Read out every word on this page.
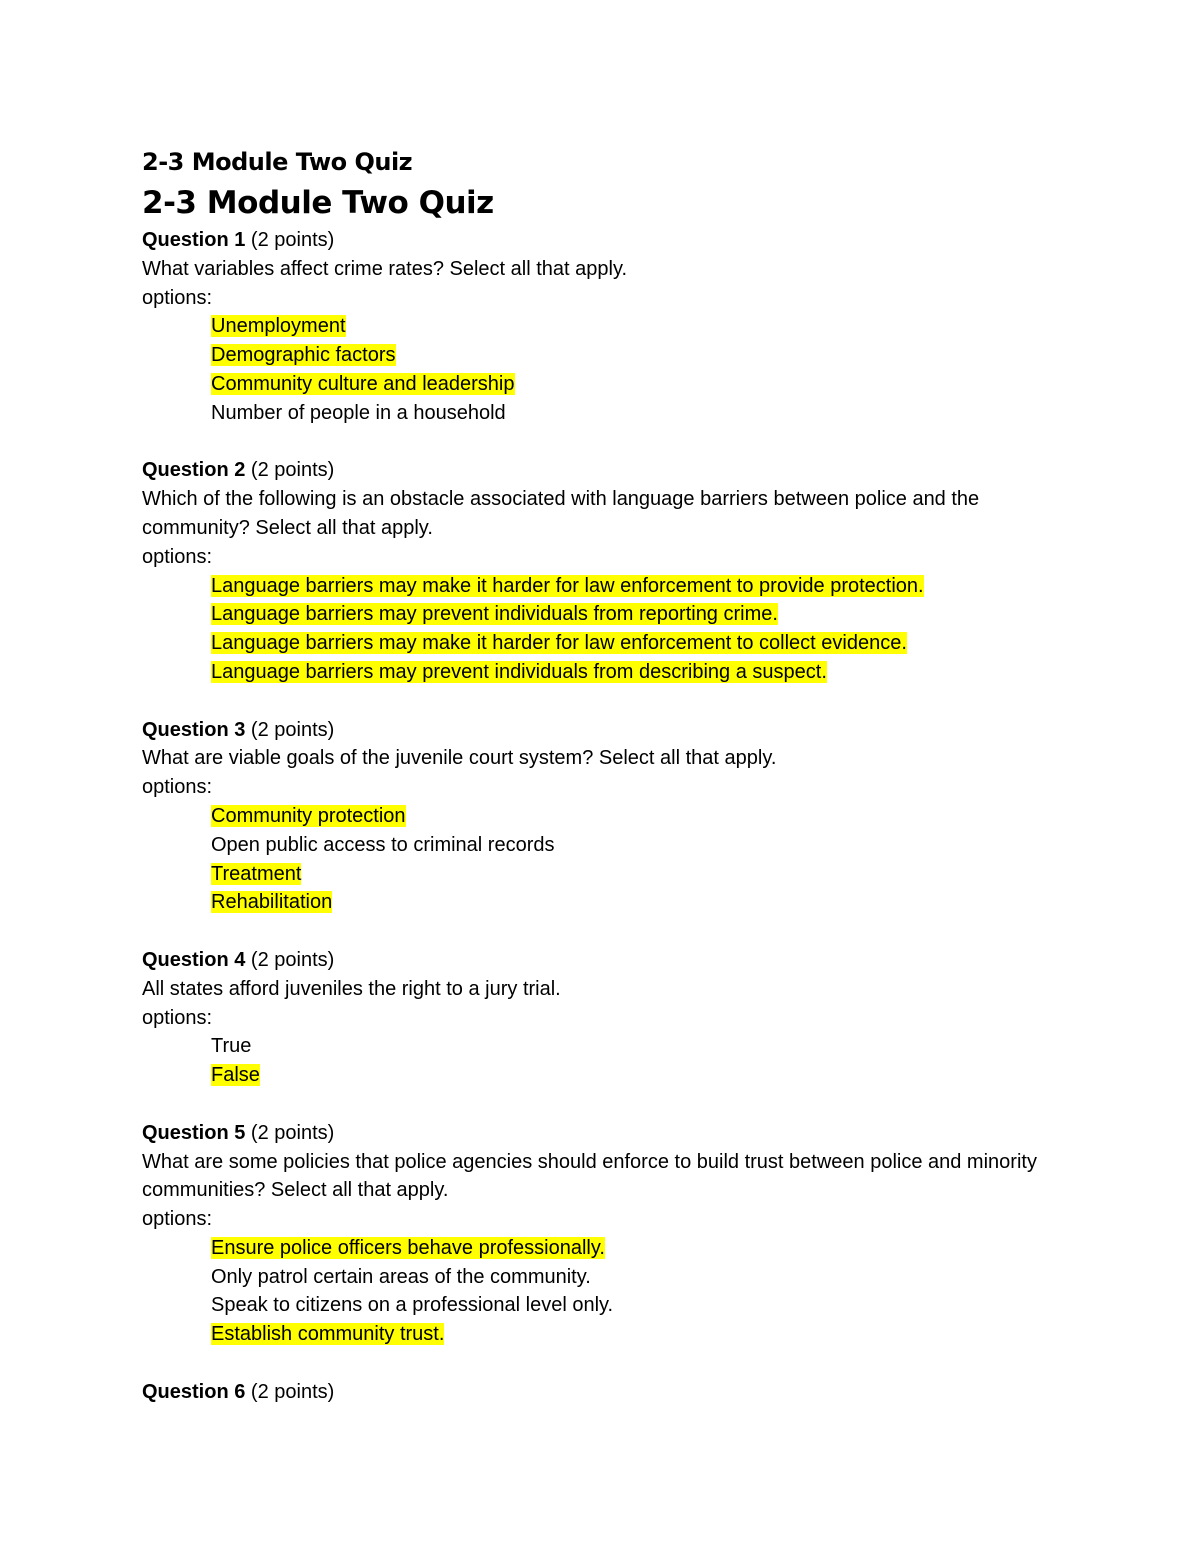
2-3 Module Two Quiz
2-3 Module Two Quiz
Question 1 (2 points)

What variables affect crime rates? Select all that apply.

options:

Unemployment
Demographic factors
Community culture and leadership
Number of people in a household
Question 2 (2 points)

Which of the following is an obstacle associated with language barriers between police and the community? Select all that apply.

options:

Language barriers may make it harder for law enforcement to provide protection.
Language barriers may prevent individuals from reporting crime.
Language barriers may make it harder for law enforcement to collect evidence.
Language barriers may prevent individuals from describing a suspect.
Question 3 (2 points)

What are viable goals of the juvenile court system? Select all that apply.

options:

Community protection
Open public access to criminal records
Treatment
Rehabilitation
Question 4 (2 points)

All states afford juveniles the right to a jury trial.

options:

True
False
Question 5 (2 points)

What are some policies that police agencies should enforce to build trust between police and minority communities? Select all that apply.

options:

Ensure police officers behave professionally.
Only patrol certain areas of the community.
Speak to citizens on a professional level only.
Establish community trust.
Question 6 (2 points)
